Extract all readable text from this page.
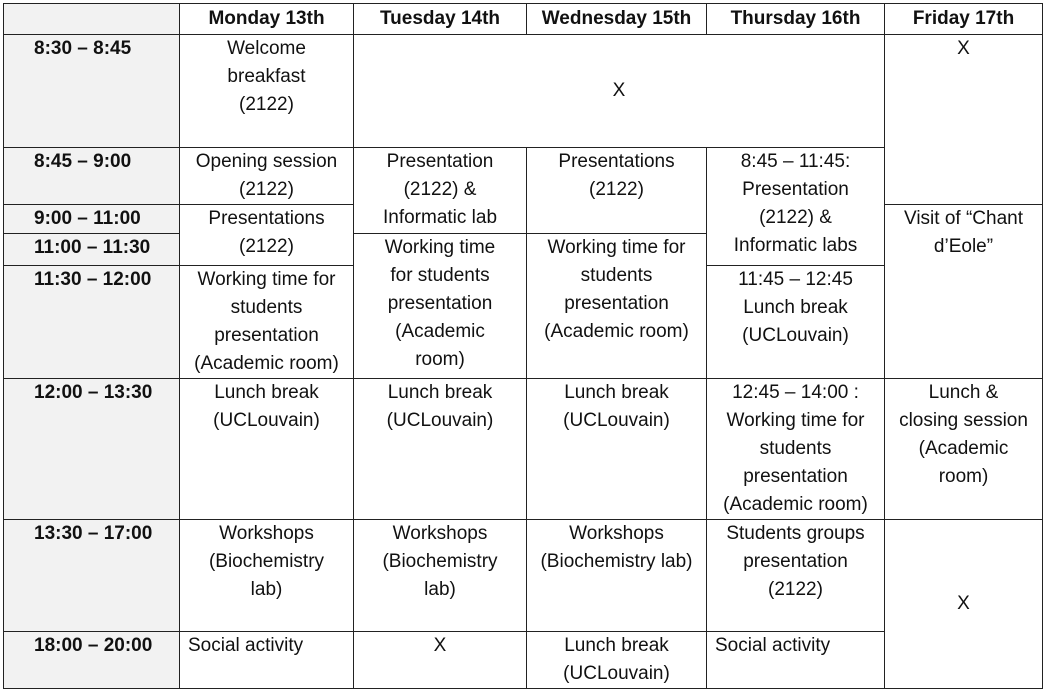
	Monday 13th	Tuesday 14th	Wednesday 15th	Thursday 16th	Friday 17th
8:30 – 8:45	Welcome
breakfast
(2122)	X			X
8:45 – 9:00	Opening session
(2122)	Presentation
(2122) &
Informatic lab	Presentations
(2122)	8:45 – 11:45:
Presentation
(2122) &
Informatic labs	
9:00 – 11:00	Presentations
(2122)				Visit of “Chant
d’Eole”
11:00 – 11:30		Working time
for students
presentation
(Academic
room)	Working time for
students
presentation
(Academic room)		
11:30 – 12:00	Working time for
students
presentation
(Academic room)			11:45 – 12:45
Lunch break
(UCLouvain)	
12:00 – 13:30	Lunch break
(UCLouvain)	Lunch break
(UCLouvain)	Lunch break
(UCLouvain)	12:45 – 14:00 :
Working time for
students
presentation
(Academic room)	Lunch &
closing session
(Academic
room)
13:30 – 17:00	Workshops
(Biochemistry
lab)	Workshops
(Biochemistry
lab)	Workshops
(Biochemistry lab)	Students groups
presentation
(2122)	X
18:00 – 20:00	Social activity	X	Lunch break
(UCLouvain)	Social activity	
